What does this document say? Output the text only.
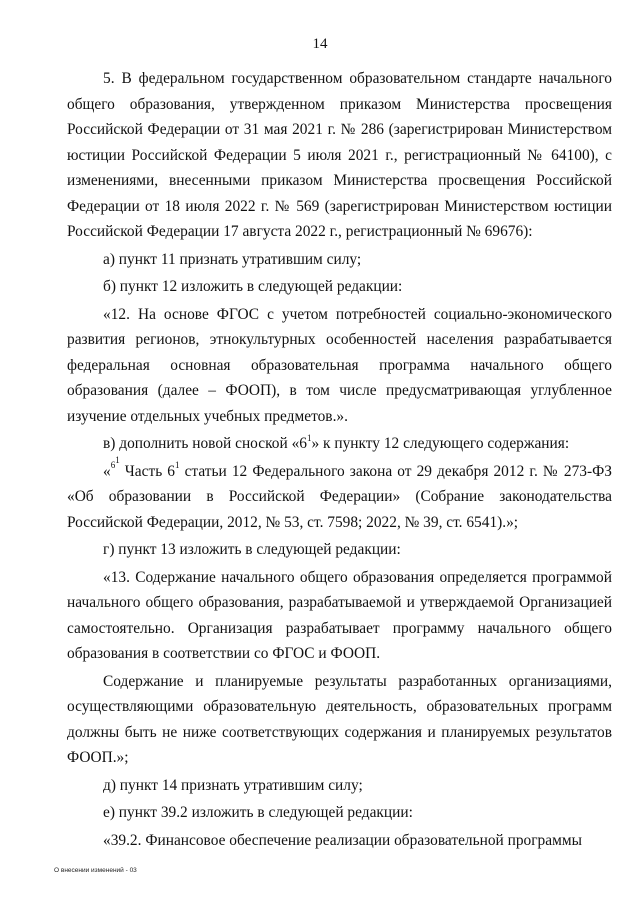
14

5. В федеральном государственном образовательном стандарте начального общего образования, утвержденном приказом Министерства просвещения Российской Федерации от 31 мая 2021 г. № 286 (зарегистрирован Министерством юстиции Российской Федерации 5 июля 2021 г., регистрационный № 64100), с изменениями, внесенными приказом Министерства просвещения Российской Федерации от 18 июля 2022 г. № 569 (зарегистрирован Министерством юстиции Российской Федерации 17 августа 2022 г., регистрационный № 69676):

а) пункт 11 признать утратившим силу;

б) пункт 12 изложить в следующей редакции:

«12. На основе ФГОС с учетом потребностей социально-экономического развития регионов, этнокультурных особенностей населения разрабатывается федеральная основная образовательная программа начального общего образования (далее – ФООП), в том числе предусматривающая углубленное изучение отдельных учебных предметов.».

в) дополнить новой сноской «$6^1$» к пункту 12 следующего содержания:

«$^{6^1}$ Часть $6^1$ статьи 12 Федерального закона от 29 декабря 2012 г. № 273-ФЗ «Об образовании в Российской Федерации» (Собрание законодательства Российской Федерации, 2012, № 53, ст. 7598; 2022, № 39, ст. 6541).»;

г) пункт 13 изложить в следующей редакции:

«13. Содержание начального общего образования определяется программой начального общего образования, разрабатываемой и утверждаемой Организацией самостоятельно. Организация разрабатывает программу начального общего образования в соответствии со ФГОС и ФООП.

Содержание и планируемые результаты разработанных организациями, осуществляющими образовательную деятельность, образовательных программ должны быть не ниже соответствующих содержания и планируемых результатов ФООП.»;

д) пункт 14 признать утратившим силу;

е) пункт 39.2 изложить в следующей редакции:

«39.2. Финансовое обеспечение реализации образовательной программы

О внесении изменений - 03
